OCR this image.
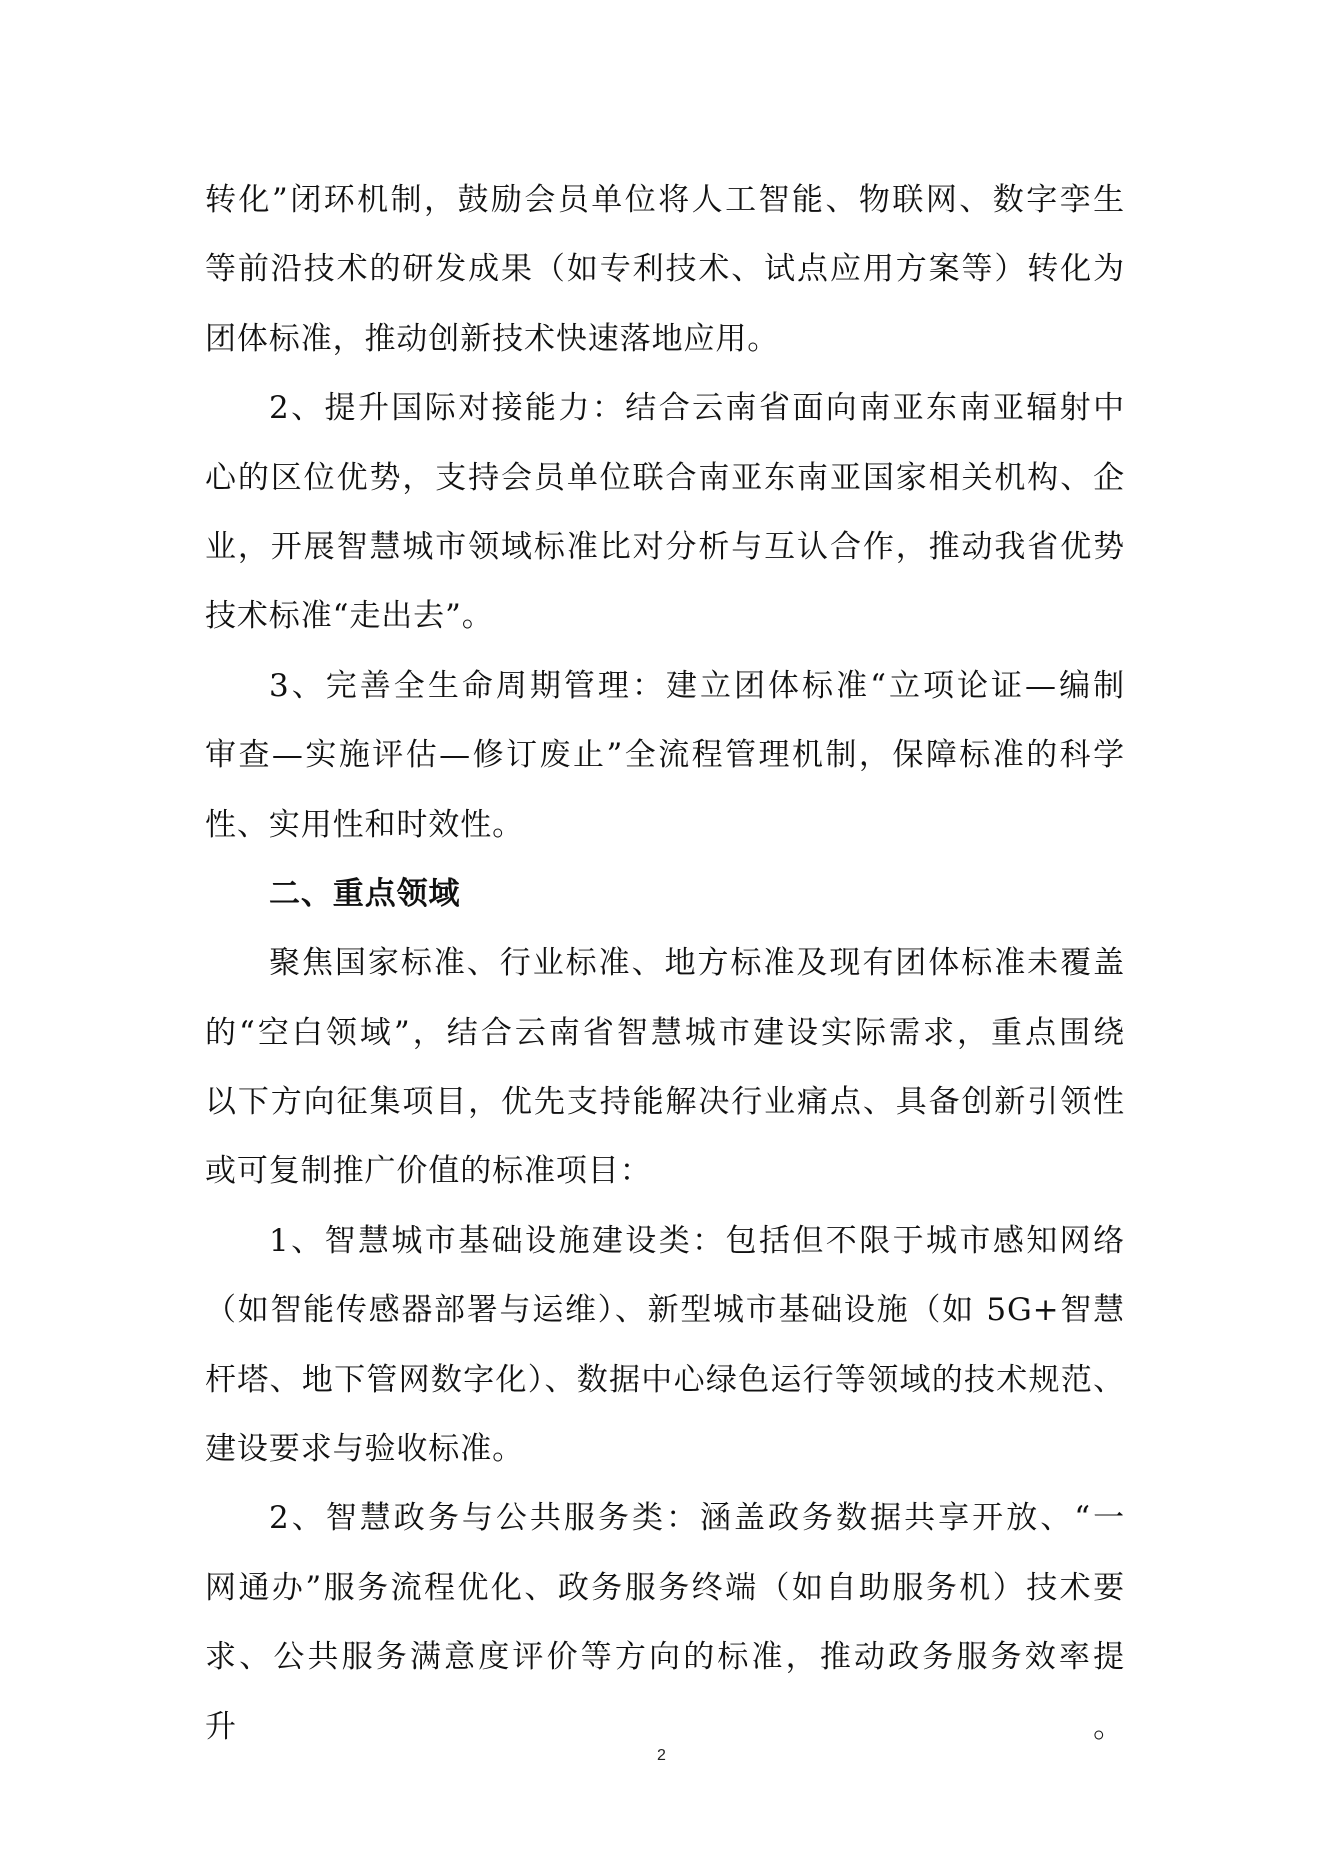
转化”闭环机制，鼓励会员单位将人工智能、物联网、数字孪生
等前沿技术的研发成果（如专利技术、试点应用方案等）转化为
团体标准，推动创新技术快速落地应用。
2、提升国际对接能力：结合云南省面向南亚东南亚辐射中
心的区位优势，支持会员单位联合南亚东南亚国家相关机构、企
业，开展智慧城市领域标准比对分析与互认合作，推动我省优势
技术标准“走出去”。
3、完善全生命周期管理：建立团体标准“立项论证—编制
审查—实施评估—修订废止”全流程管理机制，保障标准的科学
性、实用性和时效性。
二、重点领域
聚焦国家标准、行业标准、地方标准及现有团体标准未覆盖
的“空白领域”，结合云南省智慧城市建设实际需求，重点围绕
以下方向征集项目，优先支持能解决行业痛点、具备创新引领性
或可复制推广价值的标准项目：
1、智慧城市基础设施建设类：包括但不限于城市感知网络
（如智能传感器部署与运维）、新型城市基础设施（如 5G+智慧
杆塔、地下管网数字化）、数据中心绿色运行等领域的技术规范、
建设要求与验收标准。
2、智慧政务与公共服务类：涵盖政务数据共享开放、“一
网通办”服务流程优化、政务服务终端（如自助服务机）技术要
求、公共服务满意度评价等方向的标准，推动政务服务效率提升。
2
